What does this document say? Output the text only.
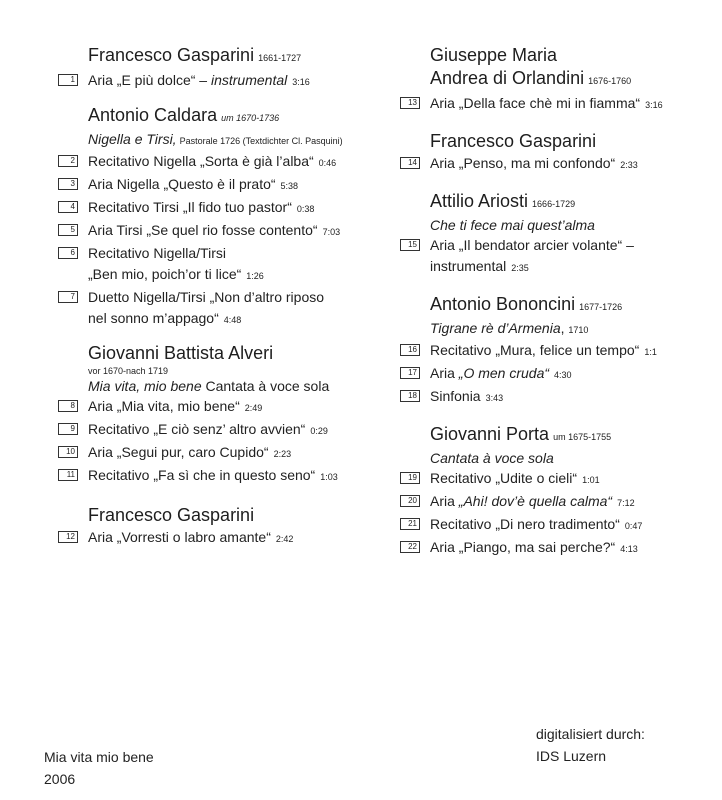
Francesco Gasparini 1661-1727
1 Aria „E più dolce“ – instrumental 3:16
Antonio Caldara um 1670-1736
Nigella e Tirsi, Pastorale 1726 (Textdichter Cl. Pasquini)
2 Recitativo Nigella „Sorta è già l’alba“ 0:46
3 Aria Nigella „Questo è il prato“ 5:38
4 Recitativo Tirsi „Il fido tuo pastor“ 0:38
5 Aria Tirsi „Se quel rio fosse contento“ 7:03
6 Recitativo Nigella/Tirsi
„Ben mio, poich’or ti lice“ 1:26
7 Duetto Nigella/Tirsi „Non d’altro riposo
nel sonno m’appago“ 4:48
Giovanni Battista Alveri
vor 1670-nach 1719
Mia vita, mio bene Cantata à voce sola
8 Aria „Mia vita, mio bene“ 2:49
9 Recitativo „E ciò senz’ altro avvien“ 0:29
10 Aria „Segui pur, caro Cupido“ 2:23
11 Recitativo „Fa sì che in questo seno“ 1:03
Francesco Gasparini
12 Aria „Vorresti o labro amante“ 2:42
Giuseppe Maria
Andrea di Orlandini 1676-1760
13 Aria „Della face chè mi in fiamma“ 3:16
Francesco Gasparini
14 Aria „Penso, ma mi confondo“ 2:33
Attilio Ariosti 1666-1729
Che ti fece mai quest’alma
15 Aria „Il bendator arcier volante“ –
instrumental 2:35
Antonio Bononcini 1677-1726
Tigrane rè d’Armenia, 1710
16 Recitativo „Mura, felice un tempo“ 1:1
17 Aria „O men cruda“ 4:30
18 Sinfonia 3:43
Giovanni Porta um 1675-1755
Cantata à voce sola
19 Recitativo „Udite o cieli“ 1:01
20 Aria „Ahi! dov’è quella calma“ 7:12
21 Recitativo „Di nero tradimento“ 0:47
22 Aria „Piango, ma sai perche?“ 4:13
Mia vita mio bene
2006
digitalisiert durch:
IDS Luzern
